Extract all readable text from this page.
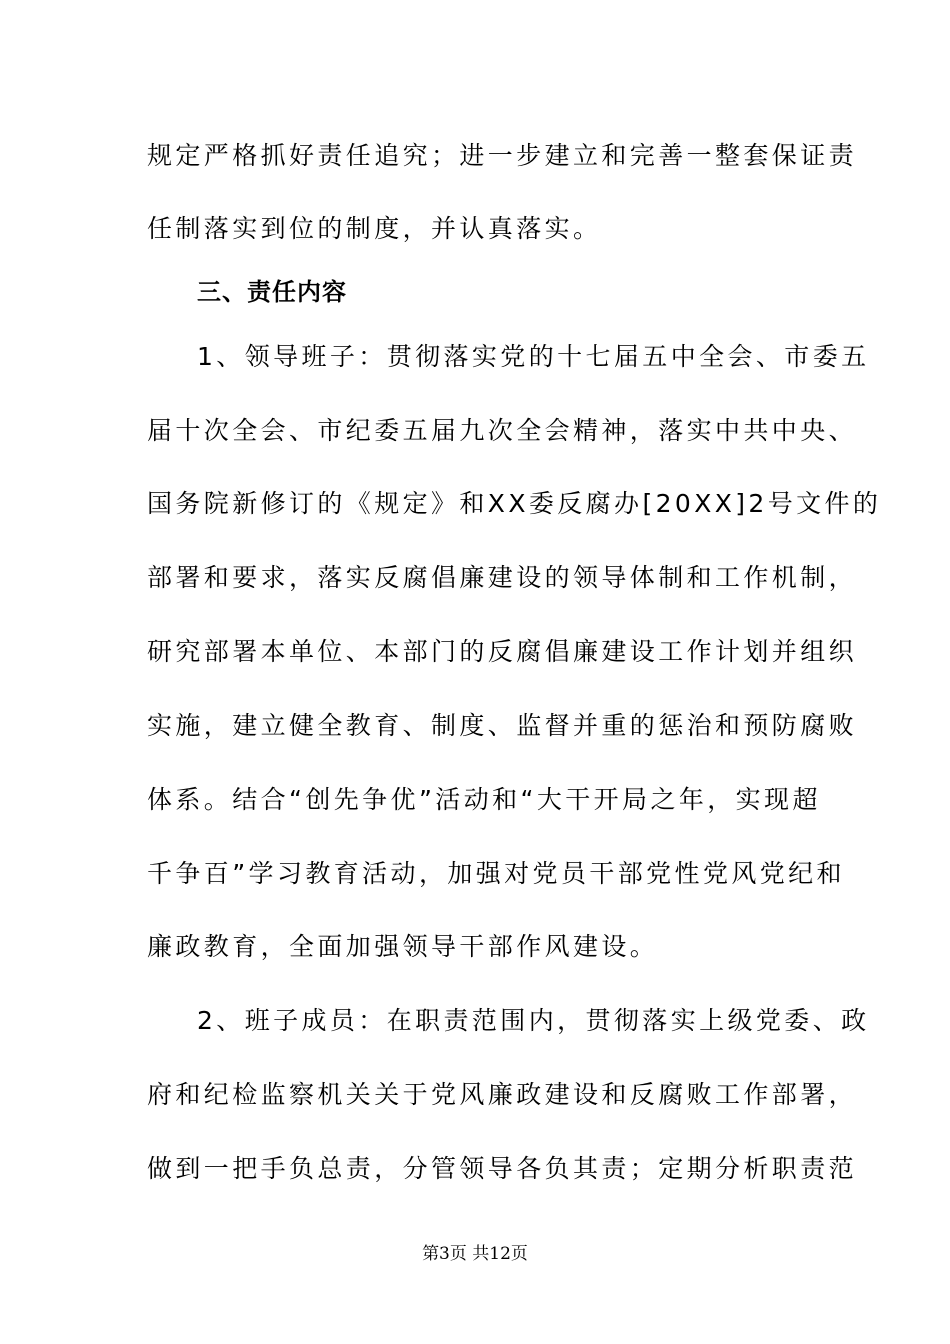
规定严格抓好责任追究；进一步建立和完善一整套保证责
任制落实到位的制度，并认真落实。
三、责任内容
1、领导班子：贯彻落实党的十七届五中全会、市委五
届十次全会、市纪委五届九次全会精神，落实中共中央、
国务院新修订的《规定》和XX委反腐办[20XX]2号文件的
部署和要求，落实反腐倡廉建设的领导体制和工作机制，
研究部署本单位、本部门的反腐倡廉建设工作计划并组织
实施，建立健全教育、制度、监督并重的惩治和预防腐败
体系。结合“创先争优”活动和“大干开局之年，实现超
千争百”学习教育活动，加强对党员干部党性党风党纪和
廉政教育，全面加强领导干部作风建设。
2、班子成员：在职责范围内，贯彻落实上级党委、政
府和纪检监察机关关于党风廉政建设和反腐败工作部署，
做到一把手负总责，分管领导各负其责；定期分析职责范
第3页 共12页
